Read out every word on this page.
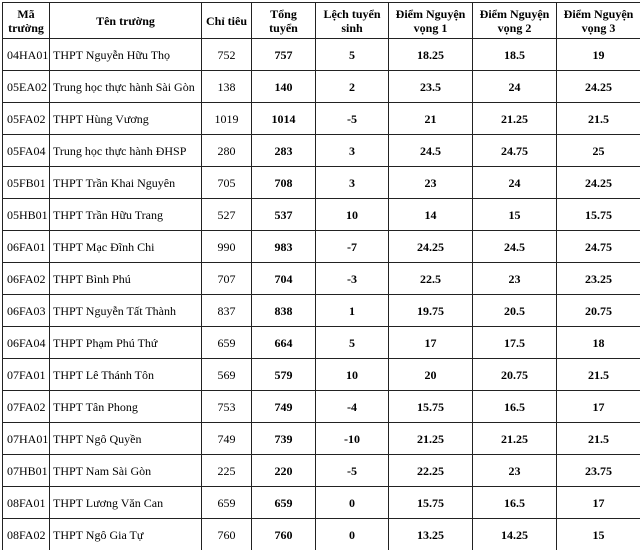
Mã trường	Tên trường	Chỉ tiêu	Tổng tuyển	Lệch tuyển sinh	Điểm Nguyện vọng 1	Điểm Nguyện vọng 2	Điểm Nguyện vọng 3	
04HA01	THPT Nguyễn Hữu Thọ	752	757	5	18.25	18.5	19	
05EA02	Trung học thực hành Sài Gòn	138	140	2	23.5	24	24.25	
05FA02	THPT Hùng Vương	1019	1014	-5	21	21.25	21.5	
05FA04	Trung học thực hành ĐHSP	280	283	3	24.5	24.75	25	
05FB01	THPT Trần Khai Nguyên	705	708	3	23	24	24.25	
05HB01	THPT Trần Hữu Trang	527	537	10	14	15	15.75	
06FA01	THPT Mạc Đĩnh Chi	990	983	-7	24.25	24.5	24.75	
06FA02	THPT Bình Phú	707	704	-3	22.5	23	23.25	
06FA03	THPT Nguyễn Tất Thành	837	838	1	19.75	20.5	20.75	
06FA04	THPT Phạm Phú Thứ	659	664	5	17	17.5	18	
07FA01	THPT Lê Thánh Tôn	569	579	10	20	20.75	21.5	
07FA02	THPT Tân Phong	753	749	-4	15.75	16.5	17	
07HA01	THPT Ngô Quyền	749	739	-10	21.25	21.25	21.5	
07HB01	THPT Nam Sài Gòn	225	220	-5	22.25	23	23.75	
08FA01	THPT Lương Văn Can	659	659	0	15.75	16.5	17	
08FA02	THPT Ngô Gia Tự	760	760	0	13.25	14.25	15	
